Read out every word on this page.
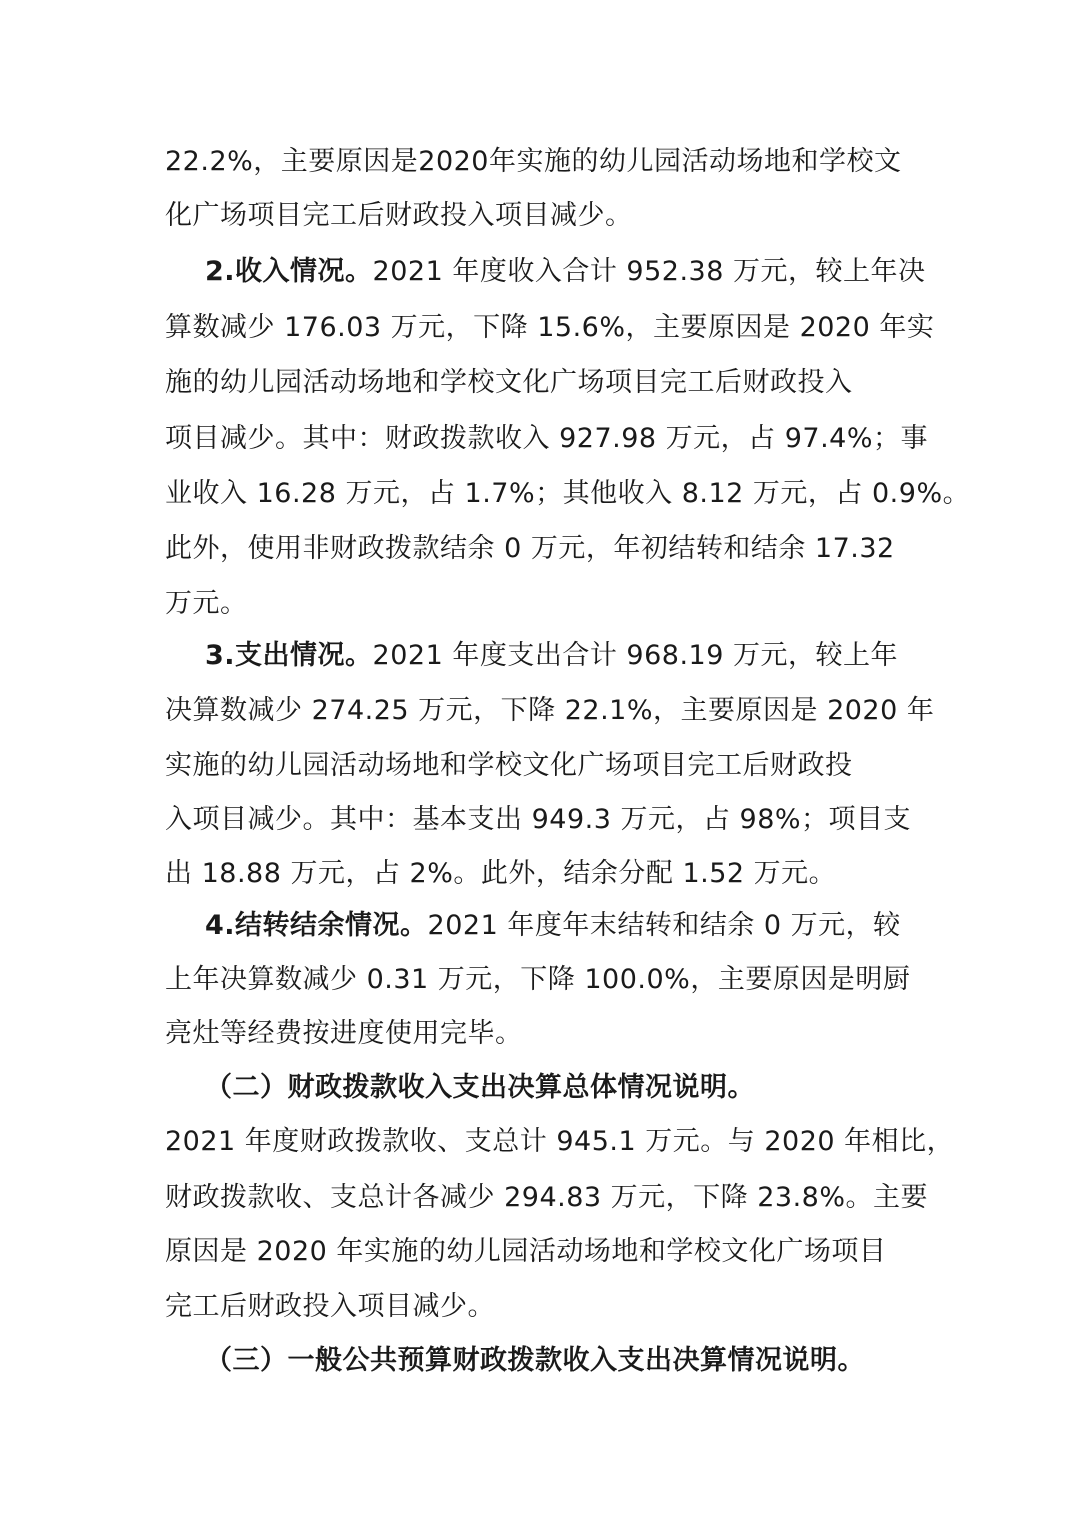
22.2%，主要原因是2020年实施的幼儿园活动场地和学校文
化广场项目完工后财政投入项目减少。
2.收入情况。2021 年度收入合计 952.38 万元，较上年决
算数减少 176.03 万元，下降 15.6%，主要原因是 2020 年实
施的幼儿园活动场地和学校文化广场项目完工后财政投入
项目减少。其中：财政拨款收入 927.98 万元，占 97.4%；事
业收入 16.28 万元，占 1.7%；其他收入 8.12 万元，占 0.9%。
此外，使用非财政拨款结余 0 万元，年初结转和结余 17.32
万元。
3.支出情况。2021 年度支出合计 968.19 万元，较上年
决算数减少 274.25 万元，下降 22.1%，主要原因是 2020 年
实施的幼儿园活动场地和学校文化广场项目完工后财政投
入项目减少。其中：基本支出 949.3 万元，占 98%；项目支
出 18.88 万元，占 2%。此外，结余分配 1.52 万元。
4.结转结余情况。2021 年度年末结转和结余 0 万元，较
上年决算数减少 0.31 万元，下降 100.0%，主要原因是明厨
亮灶等经费按进度使用完毕。
（二）财政拨款收入支出决算总体情况说明。
2021 年度财政拨款收、支总计 945.1 万元。与 2020 年相比，
财政拨款收、支总计各减少 294.83 万元，下降 23.8%。主要
原因是 2020 年实施的幼儿园活动场地和学校文化广场项目
完工后财政投入项目减少。
（三）一般公共预算财政拨款收入支出决算情况说明。
